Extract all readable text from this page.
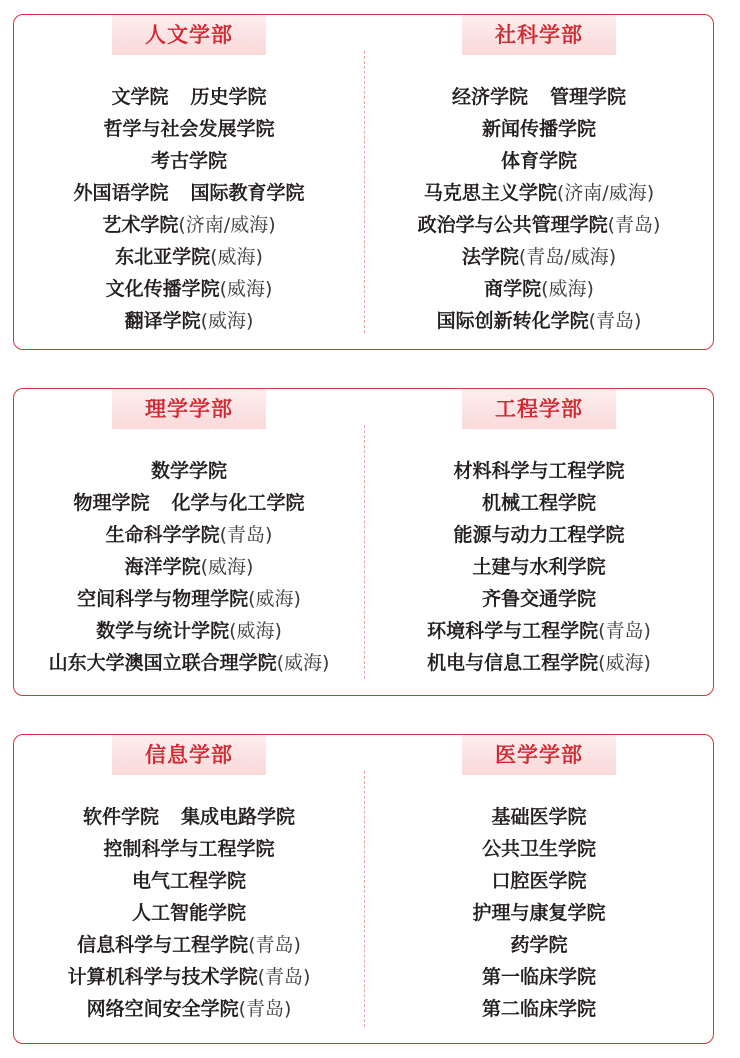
人文学部
文学院 历史学院
哲学与社会发展学院
考古学院
外国语学院 国际教育学院
艺术学院(济南/威海)
东北亚学院(威海)
文化传播学院(威海)
翻译学院(威海)
社科学部
经济学院 管理学院
新闻传播学院
体育学院
马克思主义学院(济南/威海)
政治学与公共管理学院(青岛)
法学院(青岛/威海)
商学院(威海)
国际创新转化学院(青岛)
理学学部
数学学院
物理学院 化学与化工学院
生命科学学院(青岛)
海洋学院(威海)
空间科学与物理学院(威海)
数学与统计学院(威海)
山东大学澳国立联合理学院(威海)
工程学部
材料科学与工程学院
机械工程学院
能源与动力工程学院
土建与水利学院
齐鲁交通学院
环境科学与工程学院(青岛)
机电与信息工程学院(威海)
信息学部
软件学院 集成电路学院
控制科学与工程学院
电气工程学院
人工智能学院
信息科学与工程学院(青岛)
计算机科学与技术学院(青岛)
网络空间安全学院(青岛)
医学学部
基础医学院
公共卫生学院
口腔医学院
护理与康复学院
药学院
第一临床学院
第二临床学院
